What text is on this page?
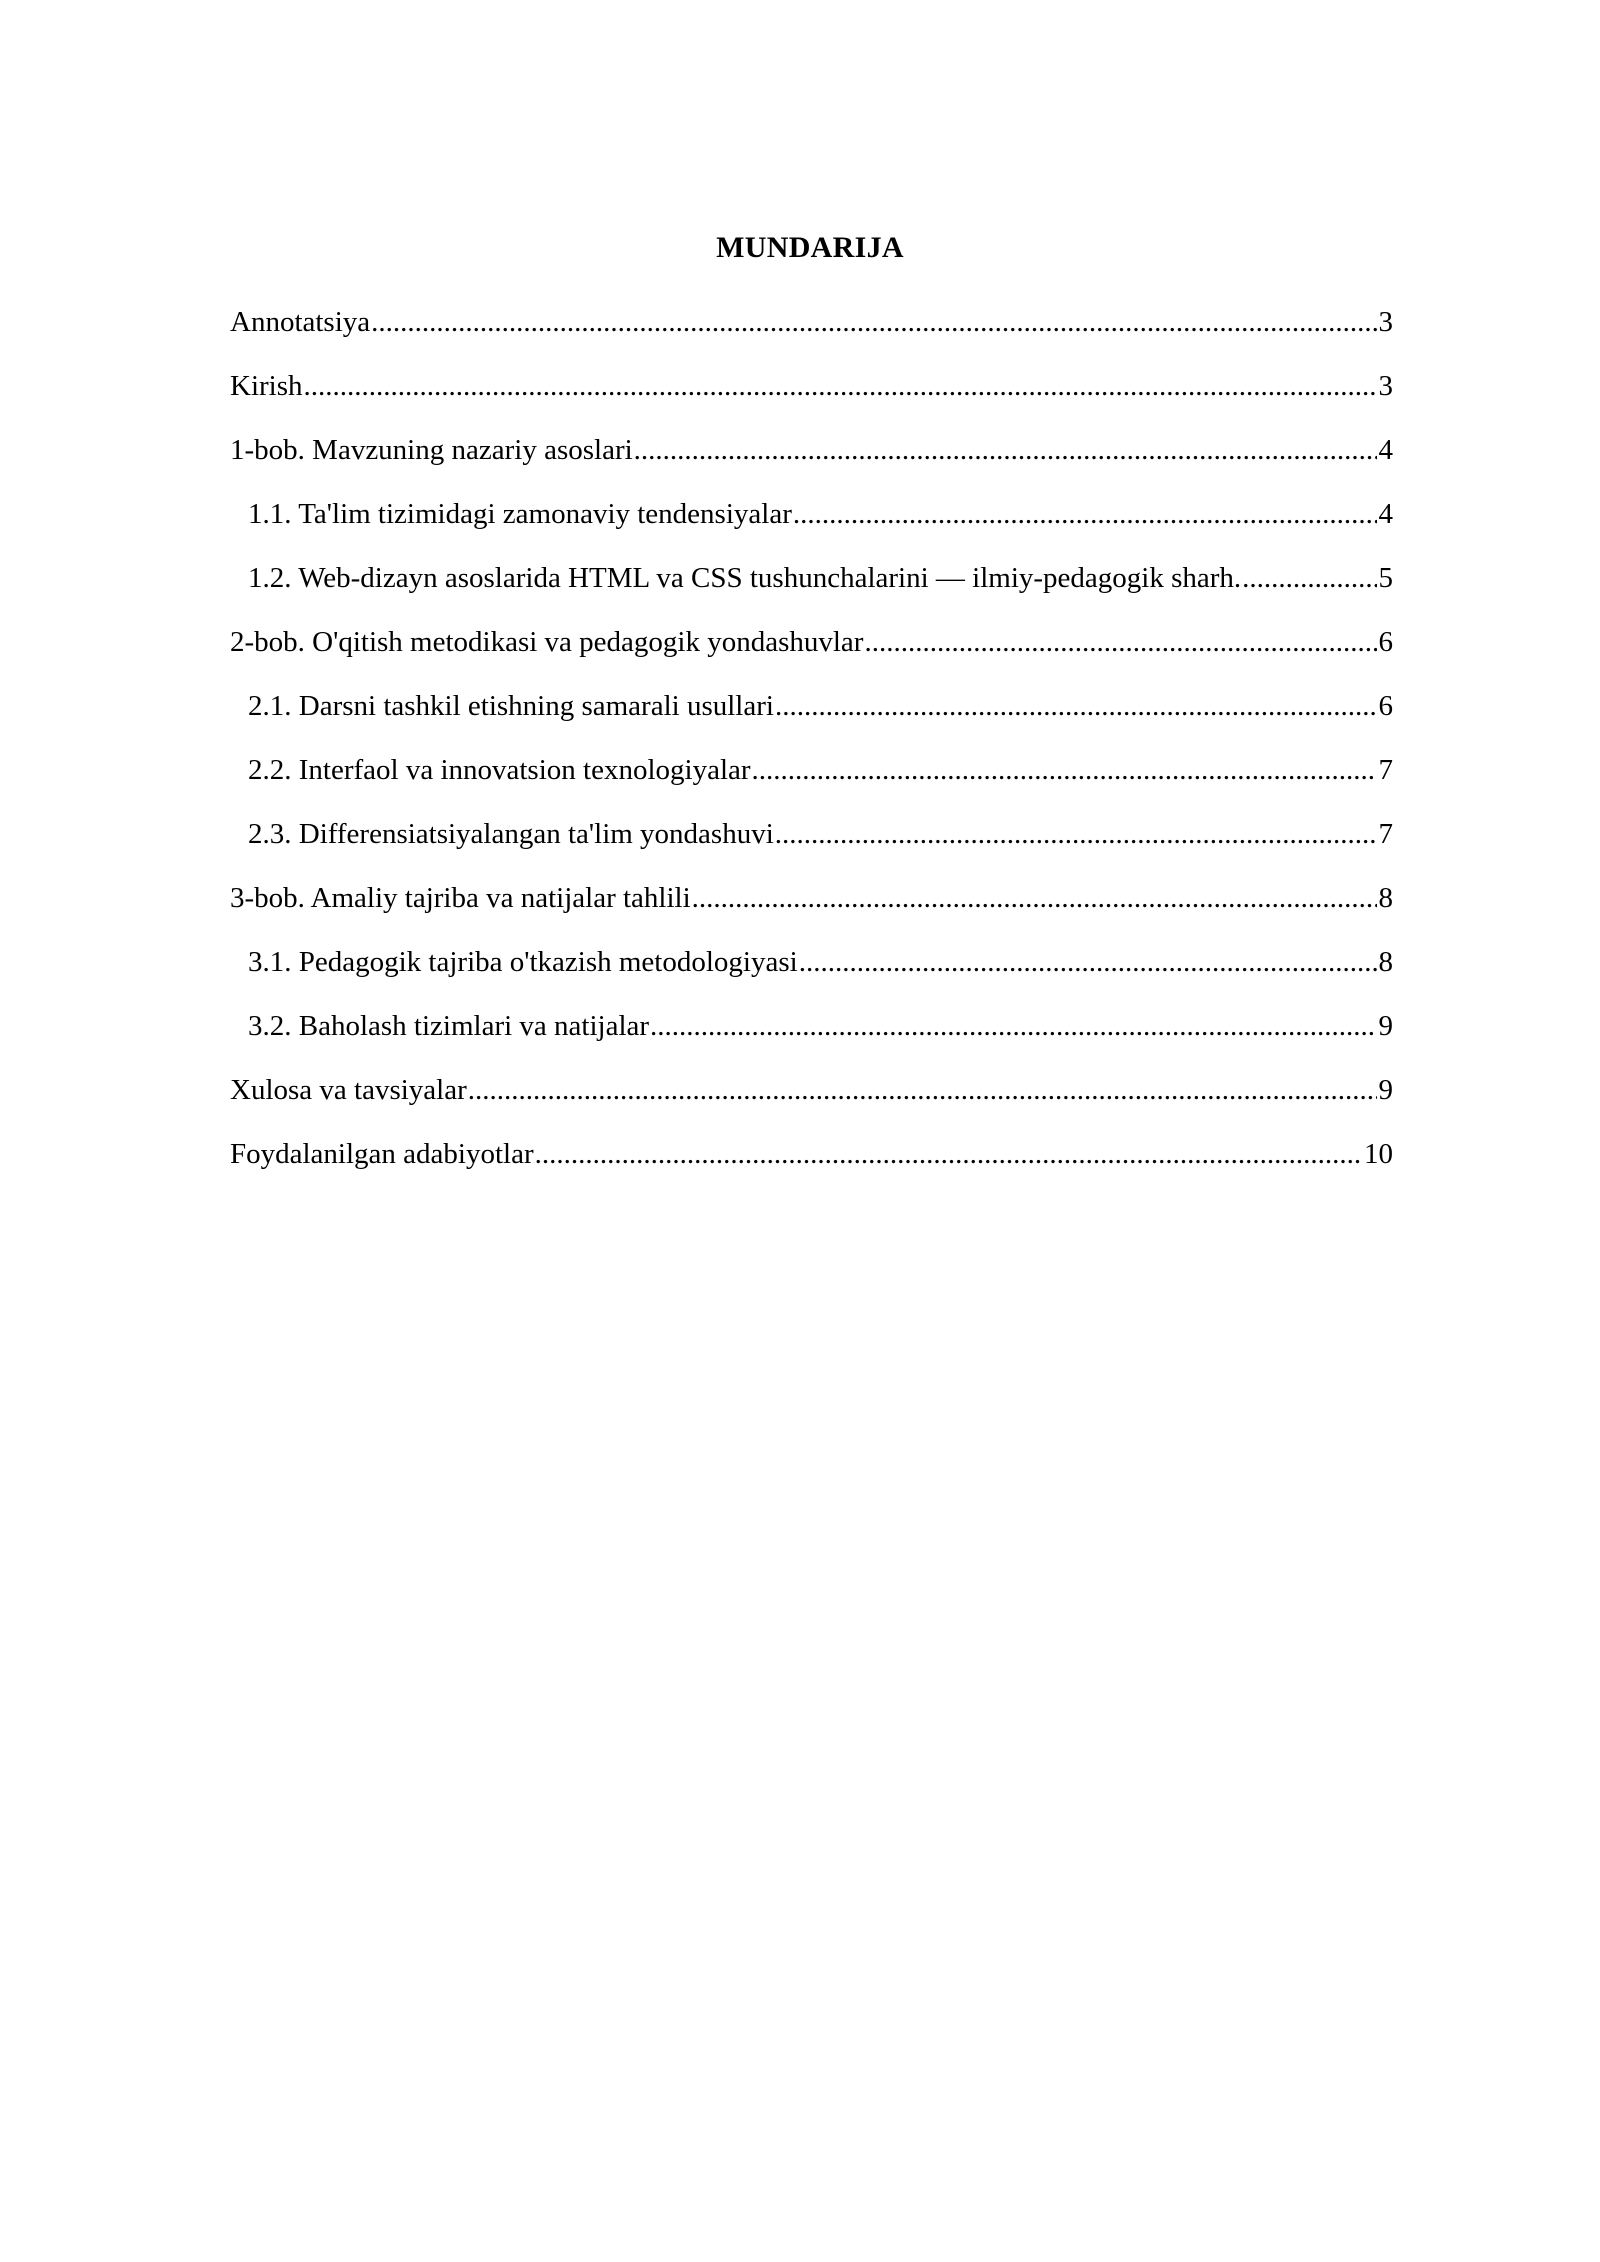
MUNDARIJA
Annotatsiya .....	3
Kirish .....	3
1-bob. Mavzuning nazariy asoslari .....	4
1.1. Ta'lim tizimidagi zamonaviy tendensiyalar .....	4
1.2. Web-dizayn asoslarida HTML va CSS tushunchalarini — ilmiy-pedagogik sharh. .....	5
2-bob. O'qitish metodikasi va pedagogik yondashuvlar .....	6
2.1. Darsni tashkil etishning samarali usullari .....	6
2.2. Interfaol va innovatsion texnologiyalar .....	7
2.3. Differensiatsiyalangan ta'lim yondashuvi .....	7
3-bob. Amaliy tajriba va natijalar tahlili .....	8
3.1. Pedagogik tajriba o'tkazish metodologiyasi .....	8
3.2. Baholash tizimlari va natijalar .....	9
Xulosa va tavsiyalar .....	9
Foydalanilgan adabiyotlar .....	10
